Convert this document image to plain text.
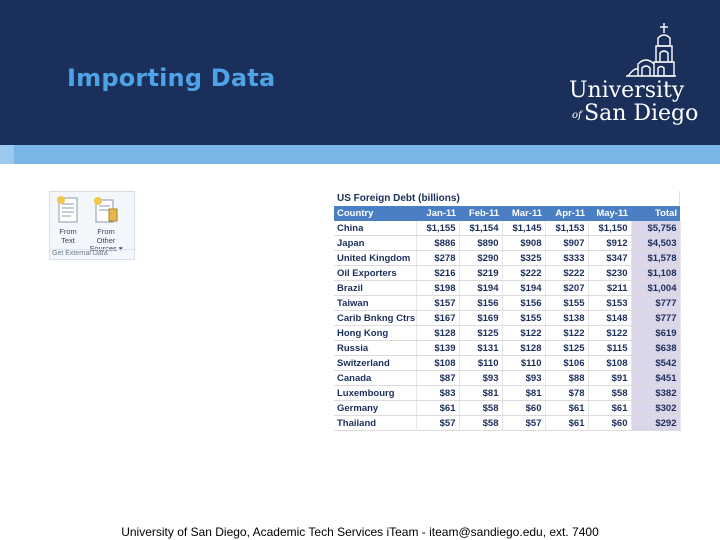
Importing Data	University
of San Diego
From
Text
From Other
Sources ▾
Get External Data
US Foreign Debt (billions)
Country	Jan-11	Feb-11	Mar-11	Apr-11	May-11	Total
China	$1,155	$1,154	$1,145	$1,153	$1,150	$5,756
Japan	$886	$890	$908	$907	$912	$4,503
United Kingdom	$278	$290	$325	$333	$347	$1,578
Oil Exporters	$216	$219	$222	$222	$230	$1,108
Brazil	$198	$194	$194	$207	$211	$1,004
Taiwan	$157	$156	$156	$155	$153	$777
Carib Bnkng Ctrs	$167	$169	$155	$138	$148	$777
Hong Kong	$128	$125	$122	$122	$122	$619
Russia	$139	$131	$128	$125	$115	$638
Switzerland	$108	$110	$110	$106	$108	$542
Canada	$87	$93	$93	$88	$91	$451
Luxembourg	$83	$81	$81	$78	$58	$382
Germany	$61	$58	$60	$61	$61	$302
Thailand	$57	$58	$57	$61	$60	$292
University of San Diego, Academic Tech Services iTeam - iteam@sandiego.edu, ext. 7400
